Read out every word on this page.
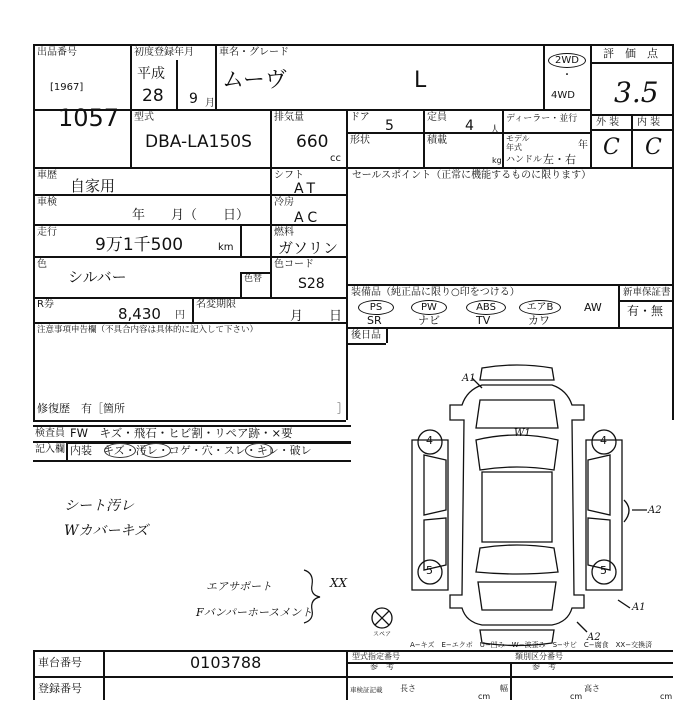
出品番号
[1967]
1057
初度登録年月
平成
28 9 月
車名・グレード
ムーヴ	L
2WD
・
4WD
評　価　点
3.5
外 装 内 装
C C
型式
DBA-LA150S
排気量
660
cc
ドア
5
定員
4 人
ディーラー・並行
モデル
年式	年
形状	積載
kg ハンドル 左・右
車歴
自家用
車検
年　　月（　　日）
走行
9万1千500	km
色
シルバー	色替
R券
8,430 円
名変期限
月　　日
シフト
AT
冷房
AC
燃料
ガソリン
色コード
S28
注意事項申告欄（不具合内容は具体的に記入して下さい）
修復歴　有［箇所	］
セールスポイント（正常に機能するものに限ります）
装備品（純正品に限り○印をつける）
PS	PW	ABS	エアB	AW
SR	ナビ	TV	カワ
新車保証書
有・無
後日品
検査員
記入欄
FW　キズ・飛石・ヒビ割・リペア跡・×要
内装　キズ・汚レ・コゲ・穴・スレ・キレ・破レ
シート汚レ
Wカバーキズ
エアサポート
Fバンパーホースメント
XX
A1
W1
A2
A1
A2
4	4
5	5
スペア
A−キズ　E−エクボ　U−凹み　W−波歪み　S−サビ　C−腐食　XX−交換済
車台番号	0103788
登録番号
型式指定番号
参　考
類別区分番号
参　考
車検証記載 長さ
cm
幅
cm
高さ
cm
